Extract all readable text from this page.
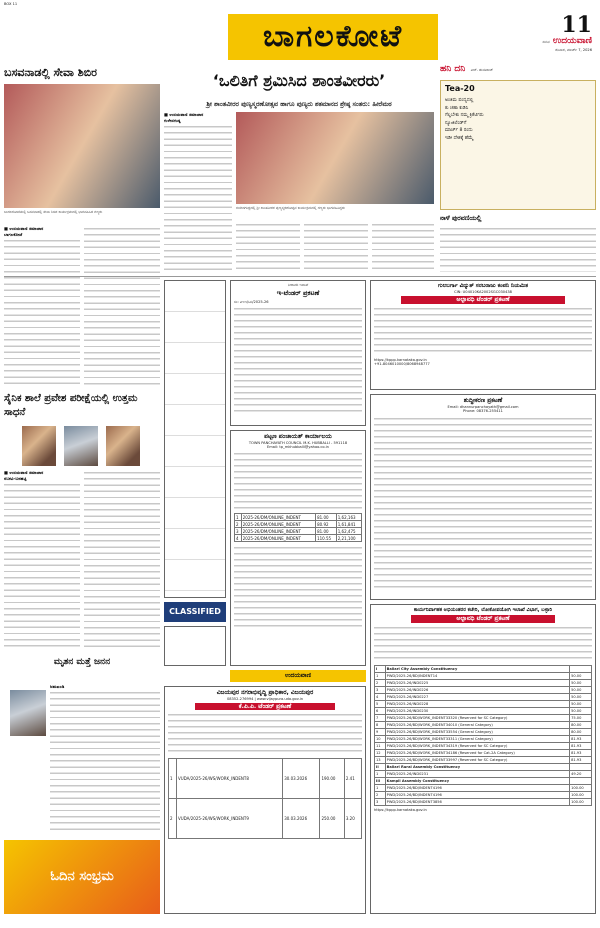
BOX 11
ಬಾಗಲಕೋಟೆ	11
ಸುದಿನ ಉದಯವಾಣಿ
ಶನಿವಾರ, ಮಾರ್ಚ್ 7, 2026
ಬಸವನಾಡಲ್ಲಿ ಸೇವಾ ಶಿಬಿರ
ಬಾಗಲಕೋಟೆಯಲ್ಲಿ ಬಸವನಾಡಲ್ಲಿ ಸೇವಾ ಶಿಬಿರ ಕಾರ್ಯಕ್ರಮದಲ್ಲಿ ಭಾಗವಹಿಸಿದ ಗಣ್ಯರು
■ ಉದಯವಾಣಿ ಸಮಾಚಾರ
ಬಾಗಲಕೋಟೆ
ಸೈನಿಕ ಶಾಲೆ ಪ್ರವೇಶ ಪರೀಕ್ಷೆಯಲ್ಲಿ ಉತ್ತಮ ಸಾಧನೆ
■ ಉದಯವಾಣಿ ಸಮಾಚಾರ
ರಬಕವಿ-ಬನಹಟ್ಟಿ
ಮೃತನ ಮತ್ತೆ ಜನನ
ಜಮಖಂಡಿ
ಓದಿನ ಸಂಭ್ರಮ
‘ಒಲಿತಿಗೆ ಶ್ರಮಿಸಿದ ಶಾಂತವೀರರು’
ಶ್ರೀ ಶಾಂತವೀರರ ಪುಣ್ಯಸ್ಮರಣೋತ್ಸವ ಹಾಗೂ ಪುಣ್ಯರು ಶತಮಾನದ ಶ್ರೇಷ್ಠ ಸಂತರು: ಹೀರೆಮಠ
■ ಉದಯವಾಣಿ ಸಮಾಚಾರ
ಗುಳೇದಗುಡ್ಡ
ಗುಳೇದಗುಡ್ಡದಲ್ಲಿ ಶ್ರೀ ಶಾಂತವೀರರ ಪುಣ್ಯಸ್ಮರಣೋತ್ಸವ ಕಾರ್ಯಕ್ರಮದಲ್ಲಿ ಗಣ್ಯರು ಭಾಗವಹಿಸಿದ್ದರು
ಹನಿ ದನಿ ಎಚ್. ಡುಂಡಿರಾಜ್
Tea-20
ಅಂತಿಮ ಪಂದ್ಯದಲ್ಲಿ
ಕು ಚಹಾ ಕುಡಿಸಿ
ಗೆಲ್ಲಬೇಕು ನಮ್ಮ ಕ್ರಿಕೆಟಿಗರು
ನ್ಯೂಜಿಲೆಂಡ್‌ಗೆ
ಮಾರ್ಚ್ 8 ರಂದು
ಇಡೀ ದೇಶಕ್ಕೆ ಹೆಮ್ಮೆ
ನಾಳೆ ಪುರವಣಿಯಲ್ಲಿ
CLASSIFIED
ನೀರಾವರಿ ಇಲಾಖೆ
ಇ-ಟೆಂಡರ್ ಪ್ರಕಟಣೆ
ಸಂ: ಎಇಇ/ಸಿಟಿ/2025-26
ಪಟ್ಟಣ ಪಂಚಾಯತ್ ಕಾರ್ಯಾಲಯ
TOWN PANCHAYATH COUNCIL M.K. HUBBALLI - 591118
Email: tp_mkhubballi@yahoo.co.in
1	2025-26/DM/ONLINE_INDENT	81.00	1,62,163
2	2025-26/DM/ONLINE_INDENT	80.92	1,61,841
3	2025-26/DM/ONLINE_INDENT	81.00	1,62,475
4	2025-26/DM/ONLINE_INDENT	110.55	2,21,100
ಗುಲಬರ್ಗಾ ವಿದ್ಯುತ್ ಸರಬರಾಜು ಕಂಪನಿ ನಿಯಮಿತ
CIN: U04010KA2002SGC030438
ಅಲ್ಪಾವಧಿ ಟೆಂಡರ್ ಪ್ರಕಟಣೆ
https://kppp.karnataka.gov.in
+91-8046010000/8068948777
ಶುದ್ಧೀಕರಣ ಪ್ರಕಟಣೆ
Email: dhannurpanchayath@gmail.com
Phone: 08376-255411
ಉದಯವಾಣಿ
ವಿಜಯಪುರ ನಗರಾಭಿವೃದ್ಧಿ ಪ್ರಾಧಿಕಾರ, ವಿಜಯಪುರ
08352-276994 | www.vijaypura.uda.gov.in
ಕೆ.ಪಿ.ಪಿ. ಟೆಂಡರ್ ಪ್ರಕಟಣೆ
1	VUDA/2025-26/WS/WORK_INDENT8	30.03.2026	190.00	2.41
2	VUDA/2025-26/WS/WORK_INDENT9	30.03.2026	250.00	3.20
ಕಾರ್ಯನಿರ್ವಾಹಕ ಅಭಿಯಂತರರ ಕಚೇರಿ, ಲೋಕೋಪಯೋಗಿ ಇಲಾಖೆ ವಿಭಾಗ, ಬಳ್ಳಾರಿ
ಅಲ್ಪಾವಧಿ ಟೆಂಡರ್ ಪ್ರಕಟಣೆ
I	Ballari City Assembly Constituency	
1	PWD/2025-26/BD/INDENT14	50.00
2	PWD/2025-26/IND0225	50.00
3	PWD/2025-26/IND0226	50.00
4	PWD/2025-26/IND0227	50.00
5	PWD/2025-26/IND0228	50.00
6	PWD/2025-26/IND0230	50.00
7	PWD/2025-26/BD/WORK_INDENT33320 (Reserved for SC Category)	75.00
8	PWD/2025-26/BD/WORK_INDENT34010 (General Category)	80.00
9	PWD/2025-26/BD/WORK_INDENT33554 (General Category)	80.00
10	PWD/2025-26/BD/WORK_INDENT33311 (General Category)	81.93
11	PWD/2025-26/BD/WORK_INDENT34319 (Reserved for SC Category)	81.93
12	PWD/2025-26/BD/WORK_INDENT34186 (Reserved for Cat-2A Category)	81.93
13	PWD/2025-26/BD/WORK_INDENT33997 (Reserved for SC Category)	81.93
II	Ballari Rural Assembly Constituency	
1	PWD/2025-26/IND0231	49.20
III	Kampli Assembly Constituency	
1	PWD/2025-26/BD/INDENT4196	100.00
2	PWD/2025-26/BD/INDENT4196	100.00
3	PWD/2025-26/BD/INDENT3856	100.00
https://kppp.karnataka.gov.in
